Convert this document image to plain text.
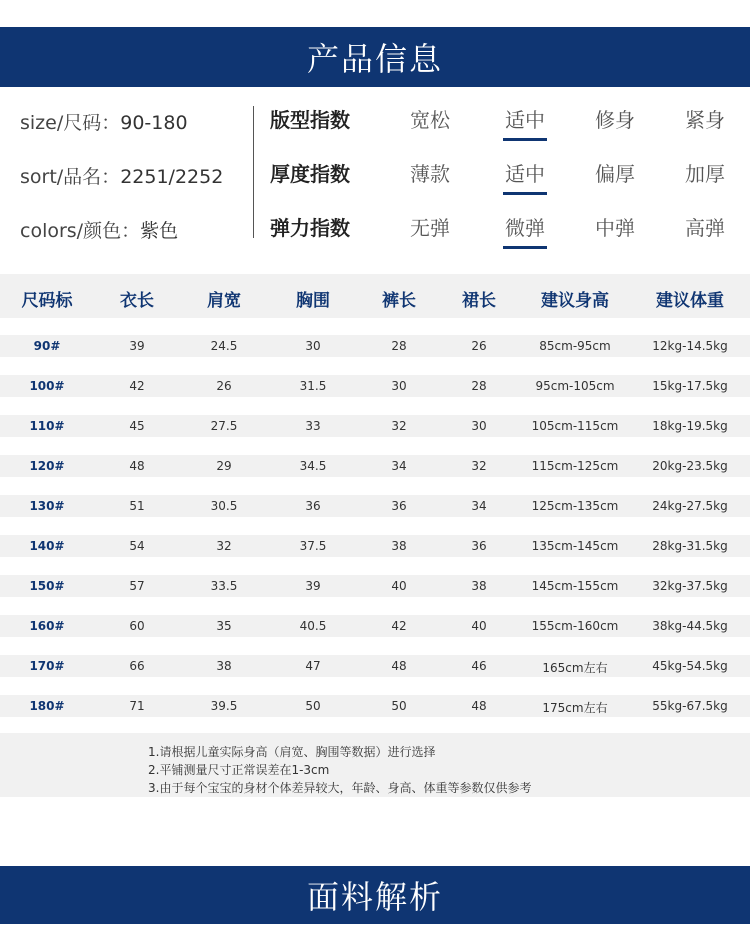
产品信息
size/尺码：90-180
sort/品名：2251/2252
colors/颜色：紫色
版型指数	宽松	适中	修身	紧身
厚度指数	薄款	适中	偏厚	加厚
弹力指数	无弹	微弹	中弹	高弹
尺码标	衣长	肩宽	胸围	裤长	裙长	建议身高	建议体重
90#	39	24.5	30	28	26	85cm-95cm	12kg-14.5kg
100#	42	26	31.5	30	28	95cm-105cm	15kg-17.5kg
110#	45	27.5	33	32	30	105cm-115cm	18kg-19.5kg
120#	48	29	34.5	34	32	115cm-125cm	20kg-23.5kg
130#	51	30.5	36	36	34	125cm-135cm	24kg-27.5kg
140#	54	32	37.5	38	36	135cm-145cm	28kg-31.5kg
150#	57	33.5	39	40	38	145cm-155cm	32kg-37.5kg
160#	60	35	40.5	42	40	155cm-160cm	38kg-44.5kg
170#	66	38	47	48	46	165cm左右	45kg-54.5kg
180#	71	39.5	50	50	48	175cm左右	55kg-67.5kg
1.请根据儿童实际身高（肩宽、胸围等数据）进行选择
2.平铺测量尺寸正常误差在1-3cm
3.由于每个宝宝的身材个体差异较大，年龄、身高、体重等参数仅供参考
面料解析
